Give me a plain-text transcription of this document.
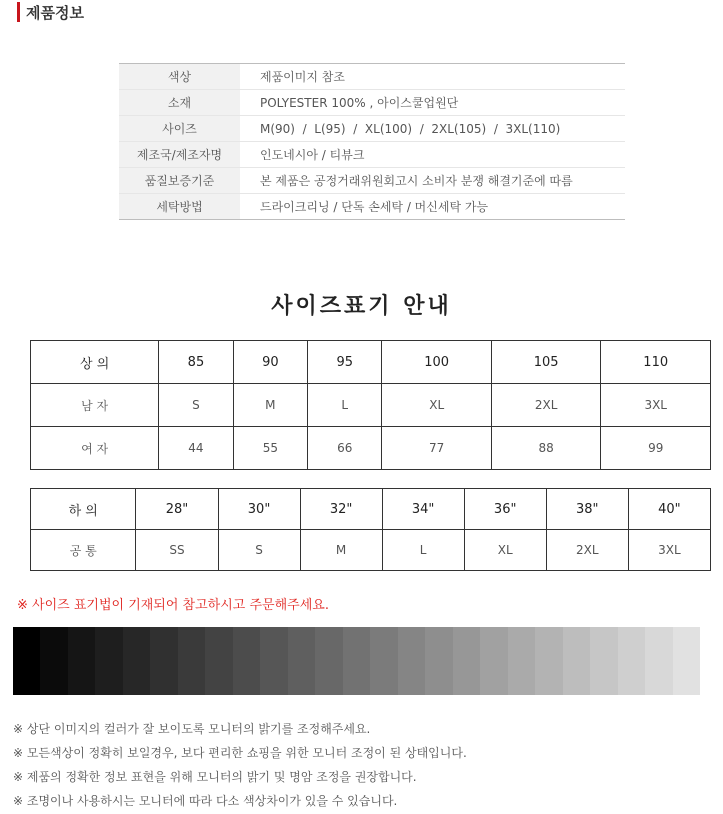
제품정보
색상	제품이미지 참조
소재	POLYESTER 100% , 아이스쿨업원단
사이즈	M(90)  /  L(95)  /  XL(100)  /  2XL(105)  /  3XL(110)
제조국/제조자명	인도네시아 / 티뷰크
품질보증기준	본 제품은 공정거래위원회고시 소비자 분쟁 해결기준에 따름
세탁방법	드라이크리닝 / 단독 손세탁 / 머신세탁 가능
사이즈표기 안내
상 의	85	90	95	100	105	110
남 자	S	M	L	XL	2XL	3XL
여 자	44	55	66	77	88	99
하 의	28"	30"	32"	34"	36"	38"	40"
공 통	SS	S	M	L	XL	2XL	3XL
※ 사이즈 표기법이 기재되어 참고하시고 주문해주세요.
※ 상단 이미지의 컬러가 잘 보이도록 모니터의 밝기를 조정해주세요.
※ 모든색상이 정확히 보일경우, 보다 편리한 쇼핑을 위한 모니터 조정이 된 상태입니다.
※ 제품의 정확한 정보 표현을 위해 모니터의 밝기 및 명암 조정을 권장합니다.
※ 조명이나 사용하시는 모니터에 따라 다소 색상차이가 있을 수 있습니다.
